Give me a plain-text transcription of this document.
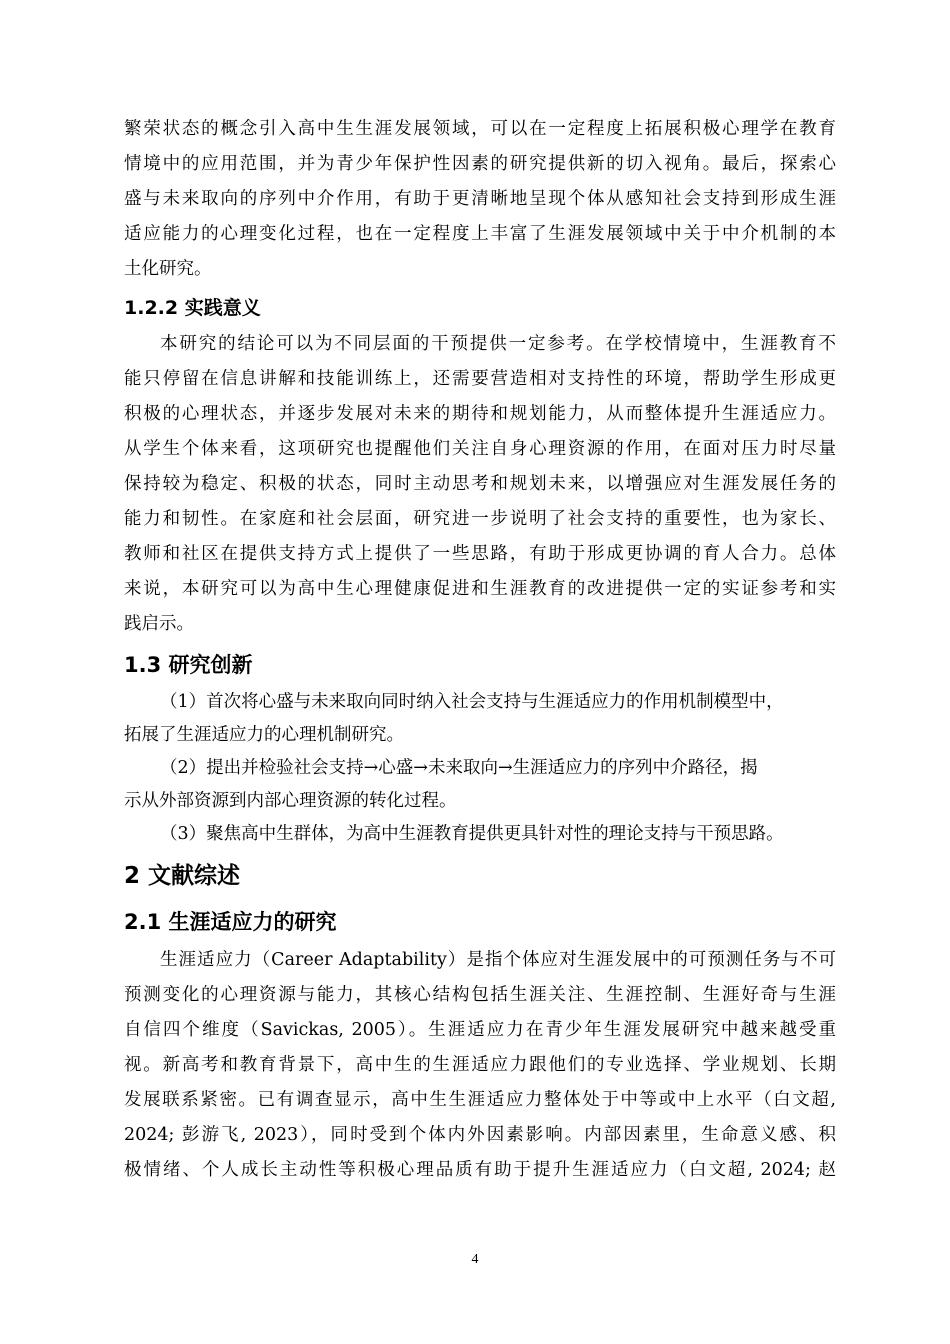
繁荣状态的概念引入高中生生涯发展领域，可以在一定程度上拓展积极心理学在教育
情境中的应用范围，并为青少年保护性因素的研究提供新的切入视角。最后，探索心
盛与未来取向的序列中介作用，有助于更清晰地呈现个体从感知社会支持到形成生涯
适应能力的心理变化过程，也在一定程度上丰富了生涯发展领域中关于中介机制的本
土化研究。
1.2.2 实践意义
本研究的结论可以为不同层面的干预提供一定参考。在学校情境中，生涯教育不
能只停留在信息讲解和技能训练上，还需要营造相对支持性的环境，帮助学生形成更
积极的心理状态，并逐步发展对未来的期待和规划能力，从而整体提升生涯适应力。
从学生个体来看，这项研究也提醒他们关注自身心理资源的作用，在面对压力时尽量
保持较为稳定、积极的状态，同时主动思考和规划未来，以增强应对生涯发展任务的
能力和韧性。在家庭和社会层面，研究进一步说明了社会支持的重要性，也为家长、
教师和社区在提供支持方式上提供了一些思路，有助于形成更协调的育人合力。总体
来说，本研究可以为高中生心理健康促进和生涯教育的改进提供一定的实证参考和实
践启示。
1.3 研究创新
（1）首次将心盛与未来取向同时纳入社会支持与生涯适应力的作用机制模型中，
拓展了生涯适应力的心理机制研究。
（2）提出并检验社会支持→心盛→未来取向→生涯适应力的序列中介路径，揭
示从外部资源到内部心理资源的转化过程。
（3）聚焦高中生群体，为高中生涯教育提供更具针对性的理论支持与干预思路。
2 文献综述
2.1 生涯适应力的研究
生涯适应力（Career Adaptability）是指个体应对生涯发展中的可预测任务与不可
预测变化的心理资源与能力，其核心结构包括生涯关注、生涯控制、生涯好奇与生涯
自信四个维度（Savickas, 2005）。生涯适应力在青少年生涯发展研究中越来越受重
视。新高考和教育背景下，高中生的生涯适应力跟他们的专业选择、学业规划、长期
发展联系紧密。已有调查显示，高中生生涯适应力整体处于中等或中上水平（白文超,
2024; 彭游飞, 2023），同时受到个体内外因素影响。内部因素里，生命意义感、积
极情绪、个人成长主动性等积极心理品质有助于提升生涯适应力（白文超, 2024; 赵
4
